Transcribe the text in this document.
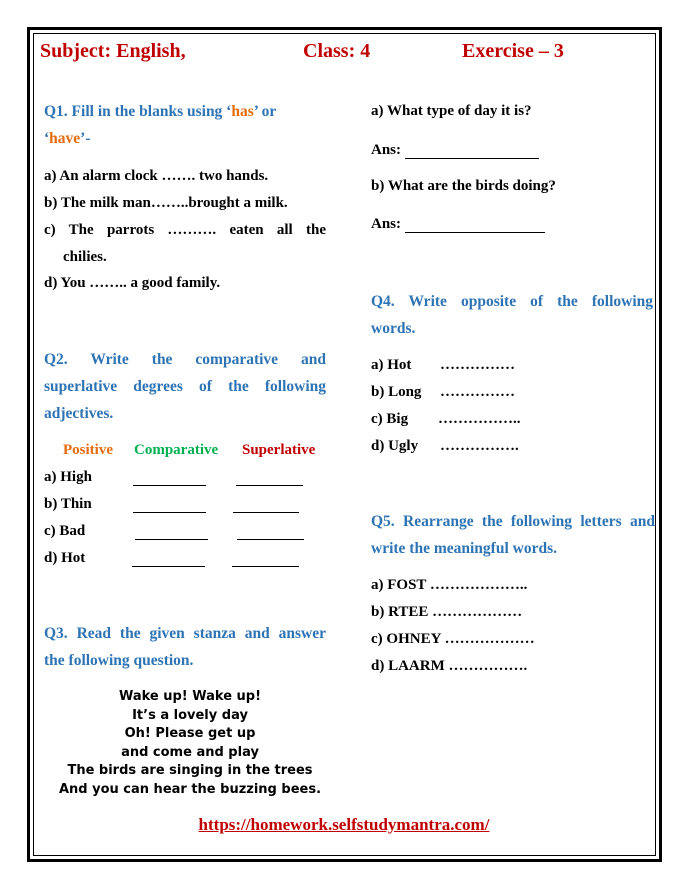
Subject: English,	Class: 4	Exercise – 3
Q1. Fill in the blanks using ‘has’ or
‘have’-
a) An alarm clock ……. two hands.
b) The milk man……..brought a milk.
c) The parrots ………. eaten all the
chilies.
d) You …….. a good family.
Q2. Write the comparative and
superlative degrees of the following
adjectives.
Positive Comparative Superlative
a) High
b) Thin
c) Bad
d) Hot
Q3. Read the given stanza and answer
the following question.
Wake up! Wake up!
It’s a lovely day
Oh! Please get up
and come and play
The birds are singing in the trees
And you can hear the buzzing bees.
a) What type of day it is?
Ans:
b) What are the birds doing?
Ans:
Q4. Write opposite of the following
words.
a) Hot ……………
b) Long ……………
c) Big ……………..
d) Ugly …………….
Q5. Rearrange the following letters and
write the meaningful words.
a) FOST ………………..
b) RTEE ………………
c) OHNEY ………………
d) LAARM …………….
https://homework.selfstudymantra.com/
